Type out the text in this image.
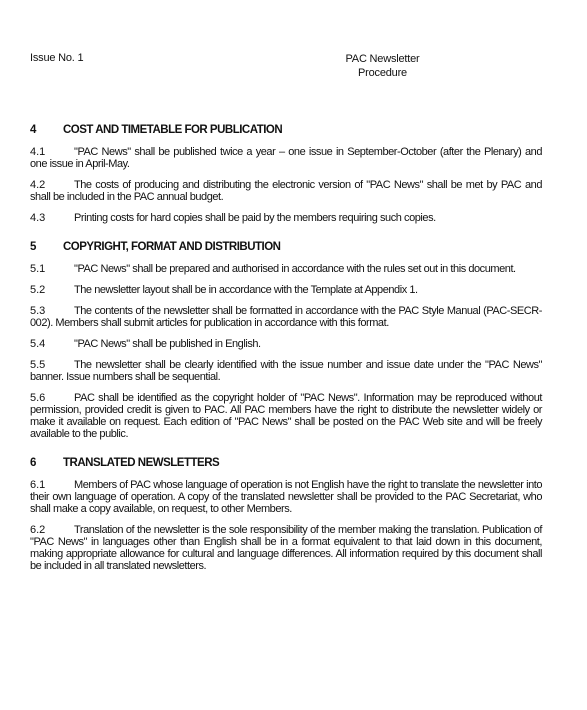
Issue No. 1	PAC Newsletter
Procedure
4	COST AND TIMETABLE FOR PUBLICATION

4.1	"PAC News" shall be published twice a year – one issue in September-October (after the Plenary) and one issue in April-May.

4.2	The costs of producing and distributing the electronic version of "PAC News" shall be met by PAC and shall be included in the PAC annual budget.

4.3	Printing costs for hard copies shall be paid by the members requiring such copies.

5	COPYRIGHT, FORMAT AND DISTRIBUTION

5.1	"PAC News" shall be prepared and authorised in accordance with the rules set out in this document.

5.2	The newsletter layout shall be in accordance with the Template at Appendix 1.

5.3	The contents of the newsletter shall be formatted in accordance with the PAC Style Manual (PAC-SECR-002). Members shall submit articles for publication in accordance with this format.

5.4	"PAC News" shall be published in English.

5.5	The newsletter shall be clearly identified with the issue number and issue date under the "PAC News" banner. Issue numbers shall be sequential.

5.6	PAC shall be identified as the copyright holder of "PAC News". Information may be reproduced without permission, provided credit is given to PAC. All PAC members have the right to distribute the newsletter widely or make it available on request. Each edition of "PAC News" shall be posted on the PAC Web site and will be freely available to the public.

6	TRANSLATED NEWSLETTERS

6.1	Members of PAC whose language of operation is not English have the right to translate the newsletter into their own language of operation. A copy of the translated newsletter shall be provided to the PAC Secretariat, who shall make a copy available, on request, to other Members.

6.2	Translation of the newsletter is the sole responsibility of the member making the translation. Publication of "PAC News" in languages other than English shall be in a format equivalent to that laid down in this document, making appropriate allowance for cultural and language differences. All information required by this document shall be included in all translated newsletters.
